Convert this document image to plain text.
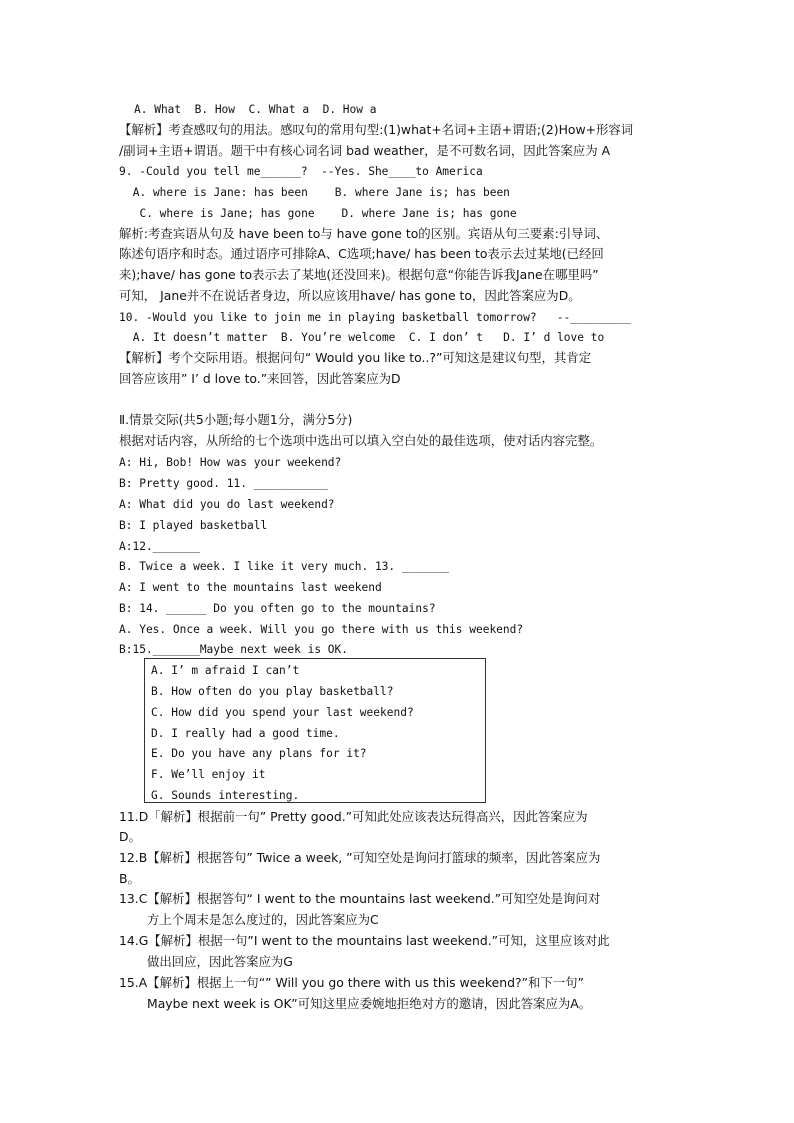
A. What  B. How  C. What a  D. How a
【解析】考查感叹句的用法。感叹句的常用句型:(1)what+名词+主语+谓语;(2)How+形容词
/副词+主语+谓语。题干中有核心词名词 bad weather，是不可数名词，因此答案应为 A
9. -Could you tell me______?  --Yes. She____to America
A. where is Jane: has been    B. where Jane is; has been
C. where is Jane; has gone    D. where Jane is; has gone
解析:考查宾语从句及 have been to与 have gone to的区别。宾语从句三要素:引导词、
陈述句语序和时态。通过语序可排除A、C选项;have/ has been to表示去过某地(已经回
来);have/ has gone to表示去了某地(还没回来)。根据句意“你能告诉我Jane在哪里吗”
可知， Jane并不在说话者身边，所以应该用have/ has gone to，因此答案应为D。
10. -Would you like to join me in playing basketball tomorrow?   --_________
A. It doesn’t matter  B. You’re welcome  C. I don’ t   D. I’ d love to
【解析】考个交际用语。根据问句“ Would you like to..?”可知这是建议句型，其肯定
回答应该用” I’ d love to.”来回答，因此答案应为D
Ⅱ.情景交际(共5小题;每小题1分，满分5分)
根据对话内容，从所给的七个选项中选出可以填入空白处的最佳选项，使对话内容完整。
A: Hi, Bob! How was your weekend?
B: Pretty good. 11. ___________
A: What did you do last weekend?
B: I played basketball
A:12._______
B. Twice a week. I like it very much. 13. _______
A: I went to the mountains last weekend
B: 14. ______ Do you often go to the mountains?
A. Yes. Once a week. Will you go there with us this weekend?
B:15._______Maybe next week is OK.
A. I’ m afraid I can’t
B. How often do you play basketball?
C. How did you spend your last weekend?
D. I really had a good time.
E. Do you have any plans for it?
F. We’ll enjoy it
G. Sounds interesting.
11.D「解析】根据前一句” Pretty good.”可知此处应该表达玩得高兴，因此答案应为
D。
12.B【解析】根据答句” Twice a week, ”可知空处是询问打篮球的频率，因此答案应为
B。
13.C【解析】根据答句“ I went to the mountains last weekend.”可知空处是询问对
方上个周末是怎么度过的，因此答案应为C
14.G【解析】根据一句”I went to the mountains last weekend.”可知，这里应该对此
做出回应，因此答案应为G
15.A【解析】根据上一句“” Will you go there with us this weekend?”和下一句”
Maybe next week is OK”可知这里应委婉地拒绝对方的邀请，因此答案应为A。
